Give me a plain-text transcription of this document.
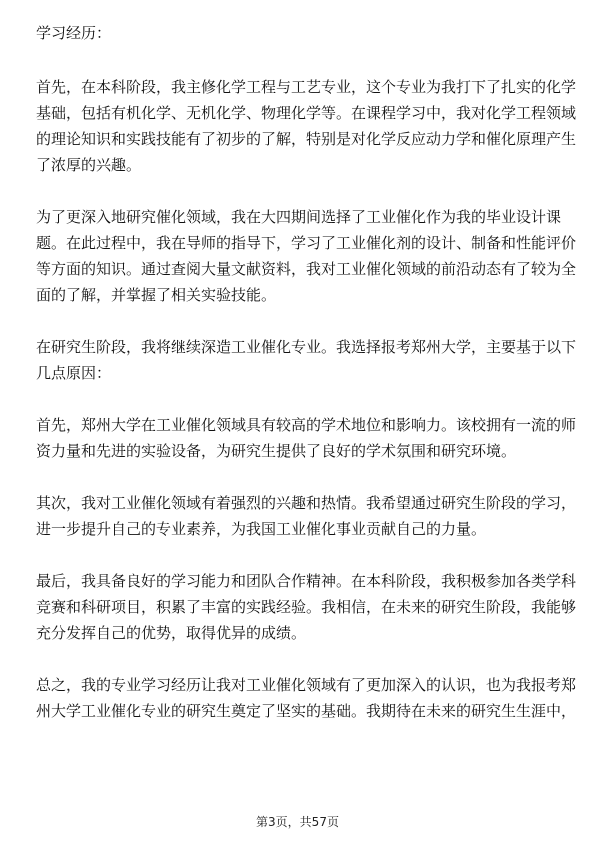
学习经历：
首先，在本科阶段，我主修化学工程与工艺专业，这个专业为我打下了扎实的化学
基础，包括有机化学、无机化学、物理化学等。在课程学习中，我对化学工程领域
的理论知识和实践技能有了初步的了解，特别是对化学反应动力学和催化原理产生
了浓厚的兴趣。
为了更深入地研究催化领域，我在大四期间选择了工业催化作为我的毕业设计课
题。在此过程中，我在导师的指导下，学习了工业催化剂的设计、制备和性能评价
等方面的知识。通过查阅大量文献资料，我对工业催化领域的前沿动态有了较为全
面的了解，并掌握了相关实验技能。
在研究生阶段，我将继续深造工业催化专业。我选择报考郑州大学，主要基于以下
几点原因：
首先，郑州大学在工业催化领域具有较高的学术地位和影响力。该校拥有一流的师
资力量和先进的实验设备，为研究生提供了良好的学术氛围和研究环境。
其次，我对工业催化领域有着强烈的兴趣和热情。我希望通过研究生阶段的学习，
进一步提升自己的专业素养，为我国工业催化事业贡献自己的力量。
最后，我具备良好的学习能力和团队合作精神。在本科阶段，我积极参加各类学科
竞赛和科研项目，积累了丰富的实践经验。我相信，在未来的研究生阶段，我能够
充分发挥自己的优势，取得优异的成绩。
总之，我的专业学习经历让我对工业催化领域有了更加深入的认识，也为我报考郑
州大学工业催化专业的研究生奠定了坚实的基础。我期待在未来的研究生生涯中，
第3页，共57页
